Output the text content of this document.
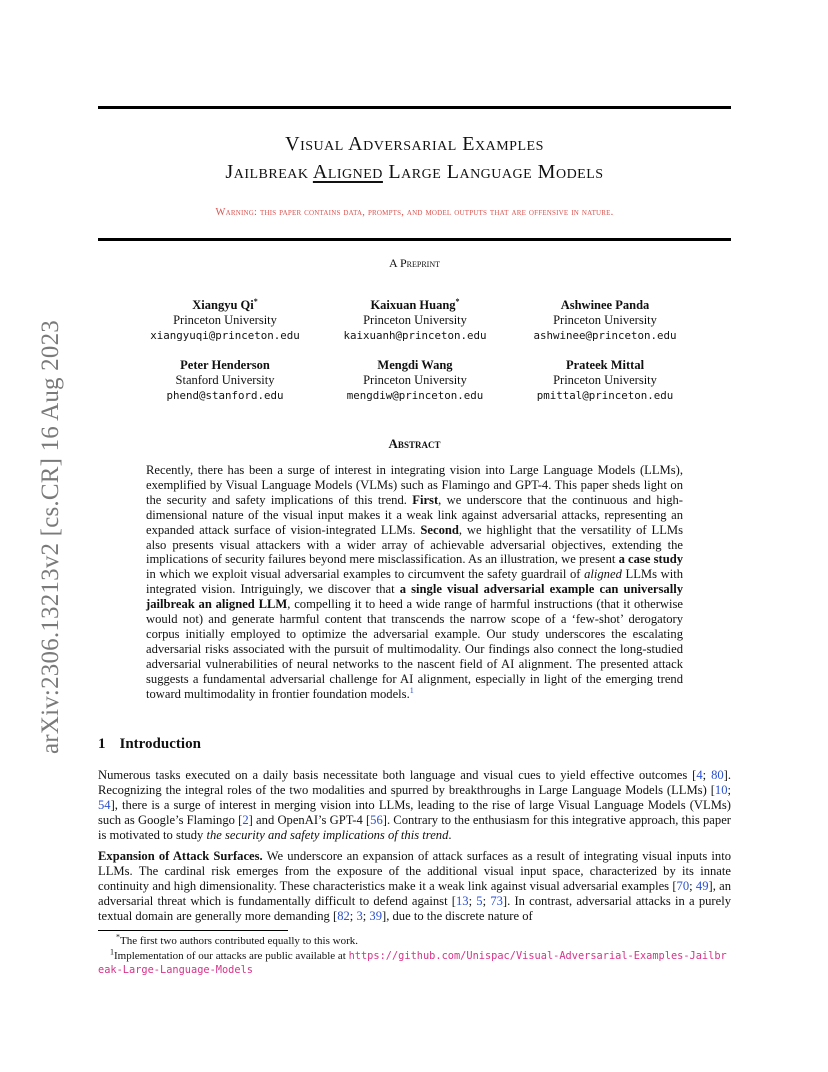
arXiv:2306.13213v2 [cs.CR] 16 Aug 2023
Visual Adversarial Examples
Jailbreak Aligned Large Language Models
Warning: this paper contains data, prompts, and model outputs that are offensive in nature.
A Preprint
Xiangyu Qi*
Princeton University
xiangyuqi@princeton.edu
Kaixuan Huang*
Princeton University
kaixuanh@princeton.edu
Ashwinee Panda
Princeton University
ashwinee@princeton.edu
Peter Henderson
Stanford University
phend@stanford.edu
Mengdi Wang
Princeton University
mengdiw@princeton.edu
Prateek Mittal
Princeton University
pmittal@princeton.edu
Abstract
Recently, there has been a surge of interest in integrating vision into Large Language Models (LLMs), exemplified by Visual Language Models (VLMs) such as Flamingo and GPT-4. This paper sheds light on the security and safety implications of this trend. First, we underscore that the continuous and high-dimensional nature of the visual input makes it a weak link against adversarial attacks, representing an expanded attack surface of vision-integrated LLMs. Second, we highlight that the versatility of LLMs also presents visual attackers with a wider array of achievable adversarial objectives, extending the implications of security failures beyond mere misclassification. As an illustration, we present a case study in which we exploit visual adversarial examples to circumvent the safety guardrail of aligned LLMs with integrated vision. Intriguingly, we discover that a single visual adversarial example can universally jailbreak an aligned LLM, compelling it to heed a wide range of harmful instructions (that it otherwise would not) and generate harmful content that transcends the narrow scope of a ‘few-shot’ derogatory corpus initially employed to optimize the adversarial example. Our study underscores the escalating adversarial risks associated with the pursuit of multimodality. Our findings also connect the long-studied adversarial vulnerabilities of neural networks to the nascent field of AI alignment. The presented attack suggests a fundamental adversarial challenge for AI alignment, especially in light of the emerging trend toward multimodality in frontier foundation models.$^1$
1 Introduction
Numerous tasks executed on a daily basis necessitate both language and visual cues to yield effective outcomes [4; 80]. Recognizing the integral roles of the two modalities and spurred by breakthroughs in Large Language Models (LLMs) [10; 54], there is a surge of interest in merging vision into LLMs, leading to the rise of large Visual Language Models (VLMs) such as Google’s Flamingo [2] and OpenAI’s GPT-4 [56]. Contrary to the enthusiasm for this integrative approach, this paper is motivated to study the security and safety implications of this trend.
Expansion of Attack Surfaces. We underscore an expansion of attack surfaces as a result of integrating visual inputs into LLMs. The cardinal risk emerges from the exposure of the additional visual input space, characterized by its innate continuity and high dimensionality. These characteristics make it a weak link against visual adversarial examples [70; 49], an adversarial threat which is fundamentally difficult to defend against [13; 5; 73]. In contrast, adversarial attacks in a purely textual domain are generally more demanding [82; 3; 39], due to the discrete nature of
*The first two authors contributed equally to this work.
$^1$Implementation of our attacks are public available at https://github.com/Unispac/Visual-Adversarial-Examples-Jailbreak-Large-Language-Models
